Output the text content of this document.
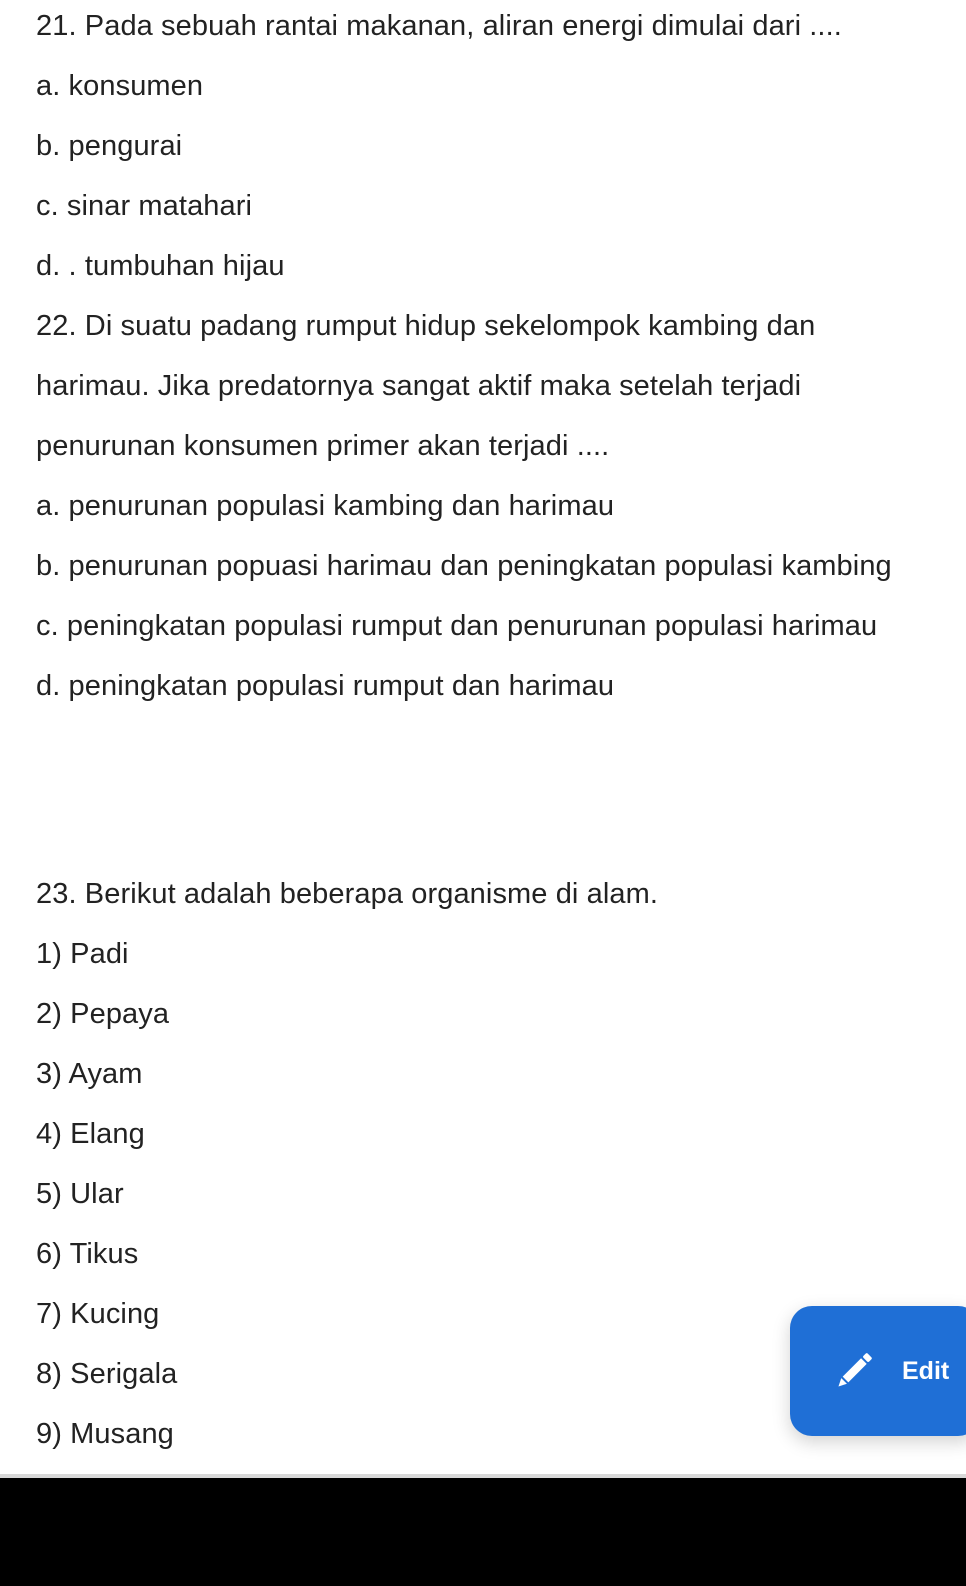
21. Pada sebuah rantai makanan, aliran energi dimulai dari ....
a. konsumen
b. pengurai
c. sinar matahari
d. . tumbuhan hijau
22. Di suatu padang rumput hidup sekelompok kambing dan
harimau. Jika predatornya sangat aktif maka setelah terjadi
penurunan konsumen primer akan terjadi ....
a. penurunan populasi kambing dan harimau
b. penurunan popuasi harimau dan peningkatan populasi kambing
c. peningkatan populasi rumput dan penurunan populasi harimau
d. peningkatan populasi rumput dan harimau
23. Berikut adalah beberapa organisme di alam.
1) Padi
2) Pepaya
3) Ayam
4) Elang
5) Ular
6) Tikus
7) Kucing
8) Serigala
9) Musang
Edit
